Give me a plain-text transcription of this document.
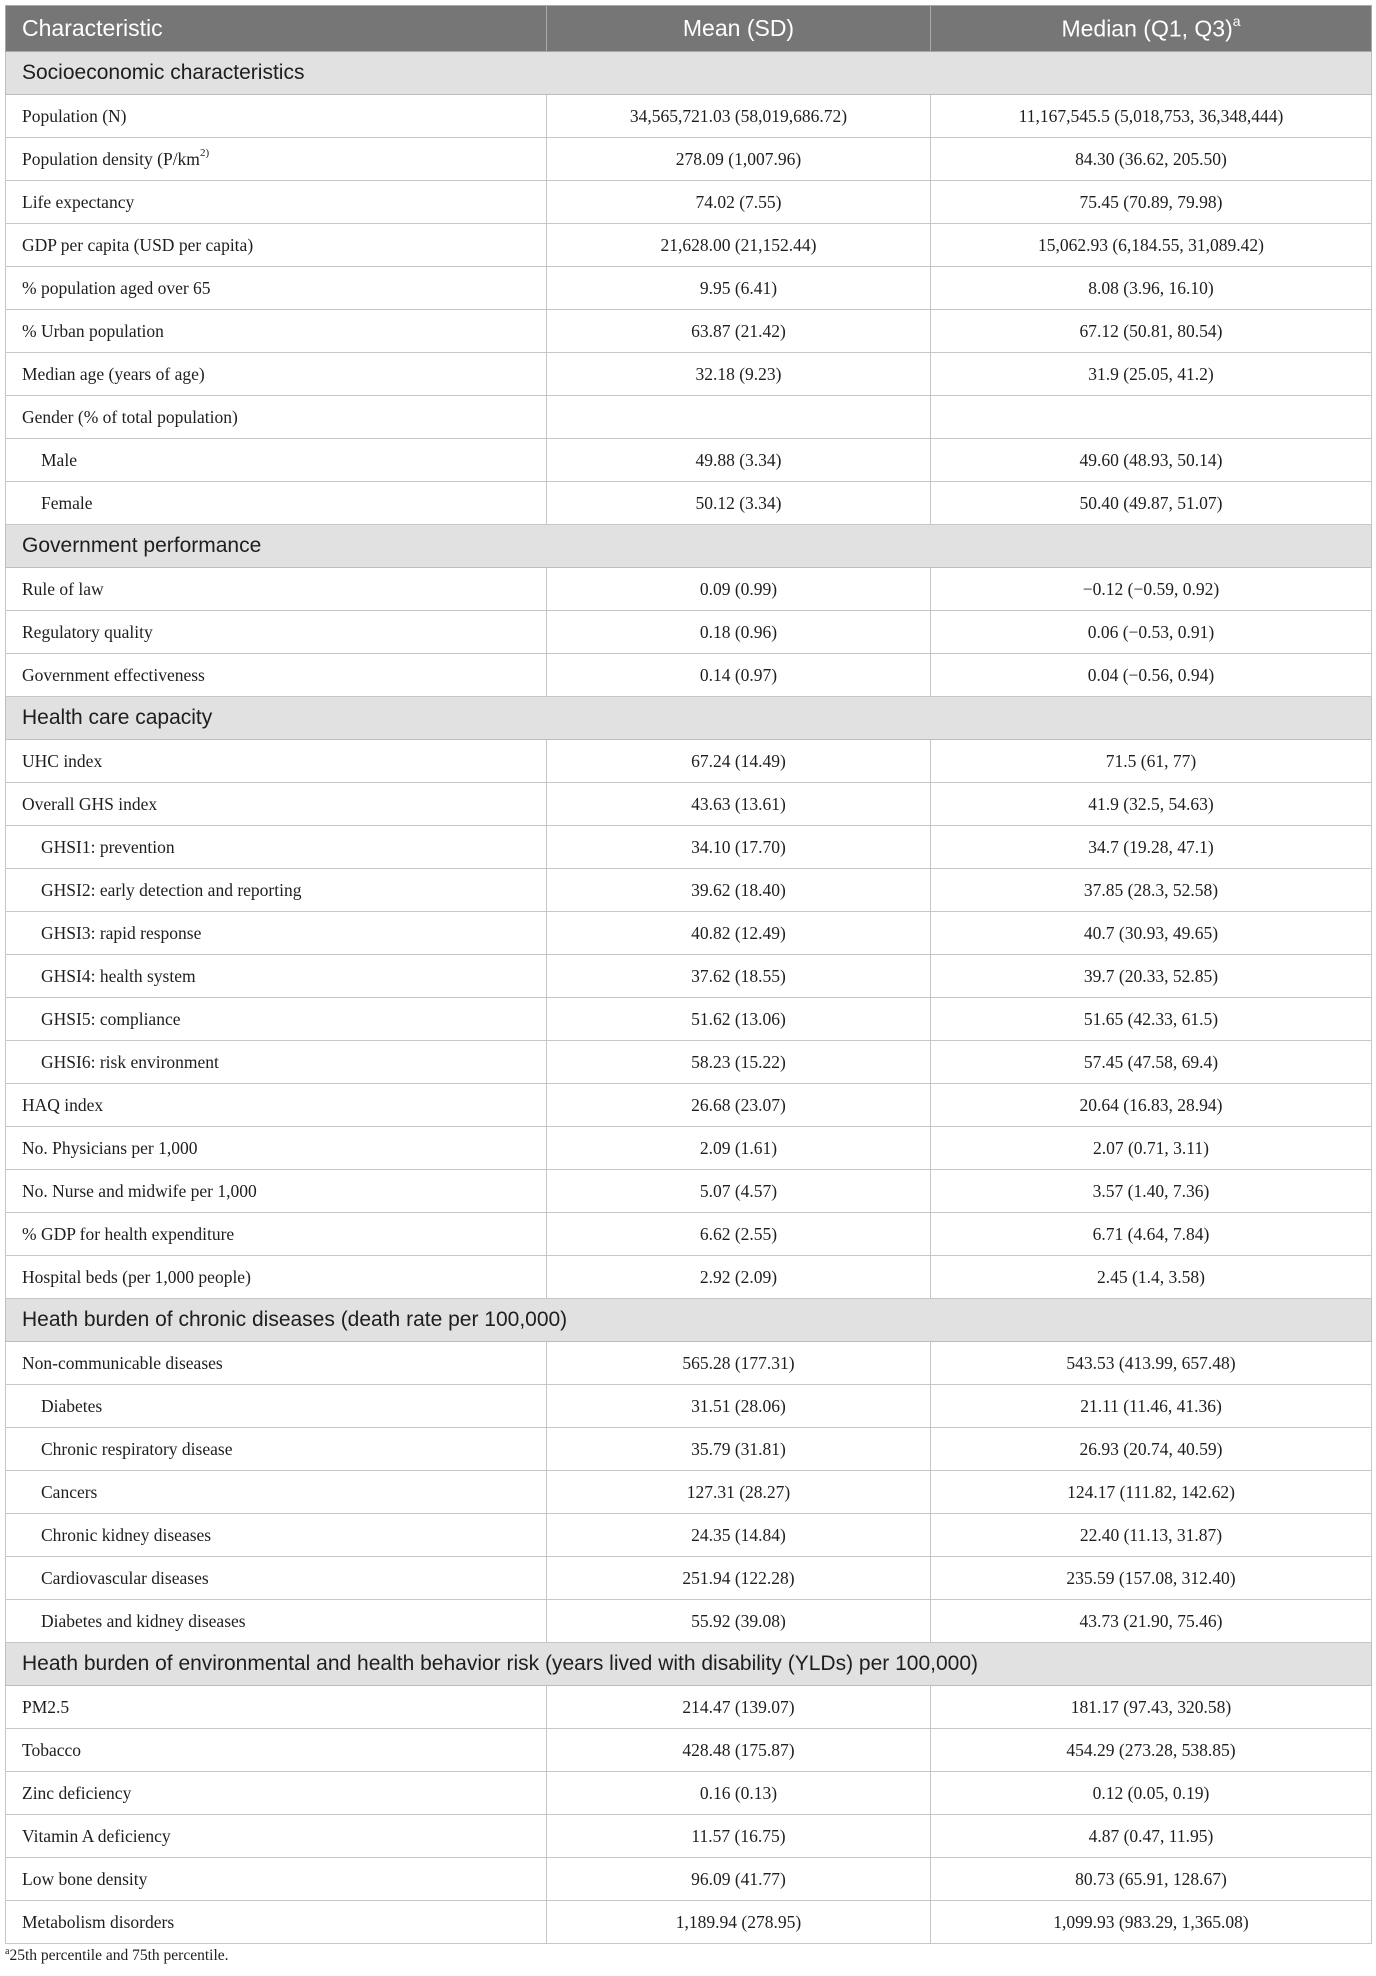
Characteristic	Mean (SD)	Median (Q1, Q3)$^a$
Socioeconomic characteristics		
Population (N)	34,565,721.03 (58,019,686.72)	11,167,545.5 (5,018,753, 36,348,444)
Population density ($P/km^{2)}$	278.09 (1,007.96)	84.30 (36.62, 205.50)
Life expectancy	74.02 (7.55)	75.45 (70.89, 79.98)
GDP per capita (USD per capita)	21,628.00 (21,152.44)	15,062.93 (6,184.55, 31,089.42)
% population aged over 65	9.95 (6.41)	8.08 (3.96, 16.10)
% Urban population	63.87 (21.42)	67.12 (50.81, 80.54)
Median age (years of age)	32.18 (9.23)	31.9 (25.05, 41.2)
Gender (% of total population)		
Male	49.88 (3.34)	49.60 (48.93, 50.14)
Female	50.12 (3.34)	50.40 (49.87, 51.07)
Government performance		
Rule of law	0.09 (0.99)	−0.12 (−0.59, 0.92)
Regulatory quality	0.18 (0.96)	0.06 (−0.53, 0.91)
Government effectiveness	0.14 (0.97)	0.04 (−0.56, 0.94)
Health care capacity		
UHC index	67.24 (14.49)	71.5 (61, 77)
Overall GHS index	43.63 (13.61)	41.9 (32.5, 54.63)
GHSI1: prevention	34.10 (17.70)	34.7 (19.28, 47.1)
GHSI2: early detection and reporting	39.62 (18.40)	37.85 (28.3, 52.58)
GHSI3: rapid response	40.82 (12.49)	40.7 (30.93, 49.65)
GHSI4: health system	37.62 (18.55)	39.7 (20.33, 52.85)
GHSI5: compliance	51.62 (13.06)	51.65 (42.33, 61.5)
GHSI6: risk environment	58.23 (15.22)	57.45 (47.58, 69.4)
HAQ index	26.68 (23.07)	20.64 (16.83, 28.94)
No. Physicians per 1,000	2.09 (1.61)	2.07 (0.71, 3.11)
No. Nurse and midwife per 1,000	5.07 (4.57)	3.57 (1.40, 7.36)
% GDP for health expenditure	6.62 (2.55)	6.71 (4.64, 7.84)
Hospital beds (per 1,000 people)	2.92 (2.09)	2.45 (1.4, 3.58)
Heath burden of chronic diseases (death rate per 100,000)		
Non-communicable diseases	565.28 (177.31)	543.53 (413.99, 657.48)
Diabetes	31.51 (28.06)	21.11 (11.46, 41.36)
Chronic respiratory disease	35.79 (31.81)	26.93 (20.74, 40.59)
Cancers	127.31 (28.27)	124.17 (111.82, 142.62)
Chronic kidney diseases	24.35 (14.84)	22.40 (11.13, 31.87)
Cardiovascular diseases	251.94 (122.28)	235.59 (157.08, 312.40)
Diabetes and kidney diseases	55.92 (39.08)	43.73 (21.90, 75.46)
Heath burden of environmental and health behavior risk (years lived with disability (YLDs) per 100,000)		
PM2.5	214.47 (139.07)	181.17 (97.43, 320.58)
Tobacco	428.48 (175.87)	454.29 (273.28, 538.85)
Zinc deficiency	0.16 (0.13)	0.12 (0.05, 0.19)
Vitamin A deficiency	11.57 (16.75)	4.87 (0.47, 11.95)
Low bone density	96.09 (41.77)	80.73 (65.91, 128.67)
Metabolism disorders	1,189.94 (278.95)	1,099.93 (983.29, 1,365.08)
$^a$25th percentile and 75th percentile.
